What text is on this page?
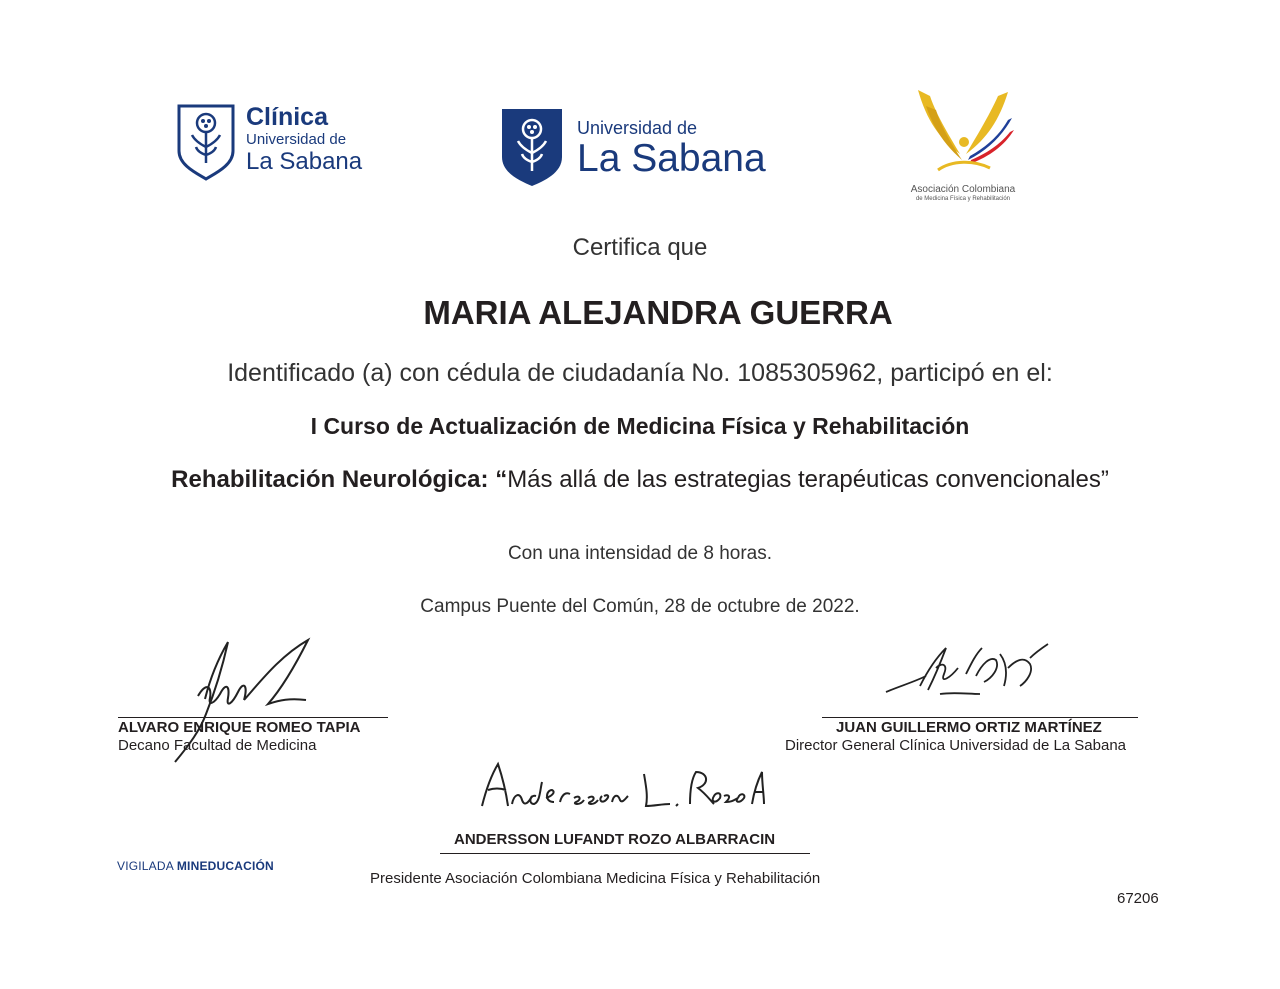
Clínica
Universidad de
La Sabana
Universidad de
La Sabana
Asociación Colombiana
de Medicina Física y Rehabilitación
Certifica que
MARIA ALEJANDRA GUERRA
Identificado (a) con cédula de ciudadanía No. 1085305962, participó en el:
I Curso de Actualización de Medicina Física y Rehabilitación
Rehabilitación Neurológica: “Más allá de las estrategias terapéuticas convencionales”
Con una intensidad de 8 horas.
Campus Puente del Común, 28 de octubre de 2022.
ALVARO ENRIQUE ROMEO TAPIA
Decano Facultad de Medicina
JUAN GUILLERMO ORTIZ MARTÍNEZ
Director General Clínica Universidad de La Sabana
ANDERSSON LUFANDT ROZO ALBARRACIN
Presidente Asociación Colombiana Medicina Física y Rehabilitación
VIGILADA MINEDUCACIÓN
67206
